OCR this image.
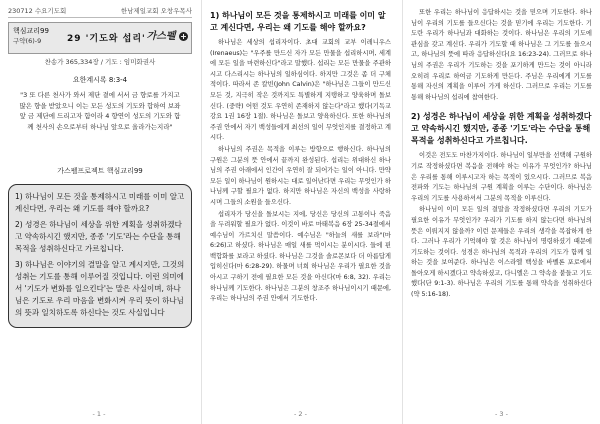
230712 수요기도회	한남제일교회 오창우목사
핵심교리99
구약(6)-9	29 '기도와 섭리' 가스펠 +
찬송가 365,334장 / 기도 : 임미화권사
요한계시록 8:3-4
"3 또 다른 천사가 와서 제단 곁에 서서 금 향로를 가지고 많은 향을 받았으니 이는 모든 성도의 기도와 합하여 보좌 앞 금 제단에 드리고자 함이라 4 향연이 성도의 기도와 함께 천사의 손으로부터 하나님 앞으로 올라가는지라"
가스펠프로젝트 핵심교리99

1) 하나님이 모든 것을 통제하시고 미래를 이미 알고 계신다면, 우리는 왜 기도를 해야 할까요?

2) 성경은 하나님이 세상을 위한 계획을 성취하겠다고 약속하시긴 했지만, 종종 '기도'라는 수단을 통해 목적을 성취하신다고 가르칩니다.

3) 하나님은 이야기의 결말을 알고 계시지만, 그것의 성취는 기도를 통해 이루어질 것입니다. 이런 의미에서 '기도가 변화를 일으킨다'는 말은 사실이며, 하나님은 기도로 우리 마음을 변화시켜 우리 뜻이 하나님의 뜻과 일치하도록 하신다는 것도 사실입니다

- 1 -
1) 하나님이 모든 것을 통제하시고 미래를 이미 알고 계신다면, 우리는 왜 기도를 해야 할까요?

하나님은 세상의 섭리자이다. 초대 교회의 교부 이레니우스(Irenaeus)는 "우주를 만드신 자가 모든 만물을 섭리하시며, 세계에 모든 일을 마련하신다"라고 말했다. 섭리는 모든 만물을 주관하시고 다스리시는 하나님의 일하심이다. 하지만 그것은 좀 더 구체적이다. 따라서 존 칼빈(John Calvin)은 "하나님은 그들이 만드신 모든 것, 지극히 작은 것까지도 특별하게 지탱하고 양육하며 돌보신다. (중략) 어떤 것도 우연히 존재하지 않는다"라고 했다(기독교강요 1권 16장 1절). 하나님은 돌보고 양육하신다. 또한 하나님의 주권 안에서 자기 백성들에게 최선의 일이 무엇인지를 결정하고 계시다.

하나님의 주권은 목적을 이루는 방향으로 행하신다. 하나님의 구원은 그분의 뜻 안에서 끝까지 완성된다. 섭리는 위대하신 하나님의 주권 아래에서 인간이 우연히 잘 되어가는 일이 아니다. 만약 모든 일이 하나님이 원하시는 대로 일어난다면 우리는 무엇인가 하나님께 구할 필요가 없다. 하지만 하나님은 자신의 백성을 사랑하시며 그들의 소원을 들으신다.

섭리자가 당신을 돌보시는 지에, 당신은 당신의 고통이나 죽음을 두려워할 필요가 없다. 이것이 바로 마태복음 6장 25-34절에서 예수님이 가르치신 말씀이다. 예수님은 "하늘의 새를 보라"(마 6:26)고 하셨다. 하나님은 매일 새를 먹이시는 분이시다. 들에 핀 백합화를 보라고 하셨다. 하나님은 그것을 솔로몬보다 더 아름답게 입히신다(마 6:28-29). 하물며 너희 하나님은 우리가 필요한 것을 아시고 구하기 전에 필요한 모든 것을 아신다(마 6:8, 32). 우리는 하나님께 기도한다. 하나님은 그분의 창조주 하나님이시기 때문에, 우리는 하나님의 주권 안에서 기도한다.

- 2 -

또한 우리는 하나님이 응답하시는 것을 믿으며 기도한다. 하나님이 우리의 기도를 들으신다는 것을 믿기에 우리는 기도한다. 기도란 우리가 하나님과 대화하는 것이다. 하나님은 우리의 기도에 관심을 갖고 계신다. 우리가 기도할 때 하나님은 그 기도를 들으시고, 하나님의 뜻에 따라 응답하신다(요 16:23-24). 그러므로 하나님의 주권은 우리가 기도하는 것을 포기하게 만드는 것이 아니라 오히려 우리로 하여금 기도하게 만든다. 주님은 우리에게 기도를 통해 자신의 계획을 이루어 가게 하신다. 그러므로 우리는 기도를 통해 하나님의 섭리에 참여한다.

2) 성경은 하나님이 세상을 위한 계획을 성취하겠다고 약속하시긴 했지만, 종종 '기도'라는 수단을 통해 목적을 성취하신다고 가르칩니다.

이것은 전도도 마찬가지이다. 하나님이 일부만을 선택해 구원하기로 작정하셨다면 복음을 전해야 하는 이유가 무엇인가? 하나님은 우리를 통해 이루시고자 하는 목적이 있으시다. 그러므로 복음 전파와 기도는 하나님의 구원 계획을 이루는 수단이다. 하나님은 우리의 기도를 사용하셔서 그분의 목적을 이루신다.

하나님이 이미 모든 일의 결말을 작정하셨다면 우리의 기도가 필요한 이유가 무엇인가? 우리가 기도를 하지 않는다면 하나님의 뜻은 이뤄지지 않을까? 이런 문제들은 우리의 생각을 복잡하게 한다. 그러나 우리가 기억해야 할 것은 하나님이 명령하셨기 때문에 기도하는 것이다. 성경은 하나님의 목적과 우리의 기도가 함께 일하는 것을 보여준다. 하나님은 이스라엘 백성을 바벨론 포로에서 돌아오게 하시겠다고 약속하셨고, 다니엘은 그 약속을 붙들고 기도했다(단 9:1-3). 하나님은 우리의 기도를 통해 약속을 성취하신다(약 5:16-18).

- 3 -
